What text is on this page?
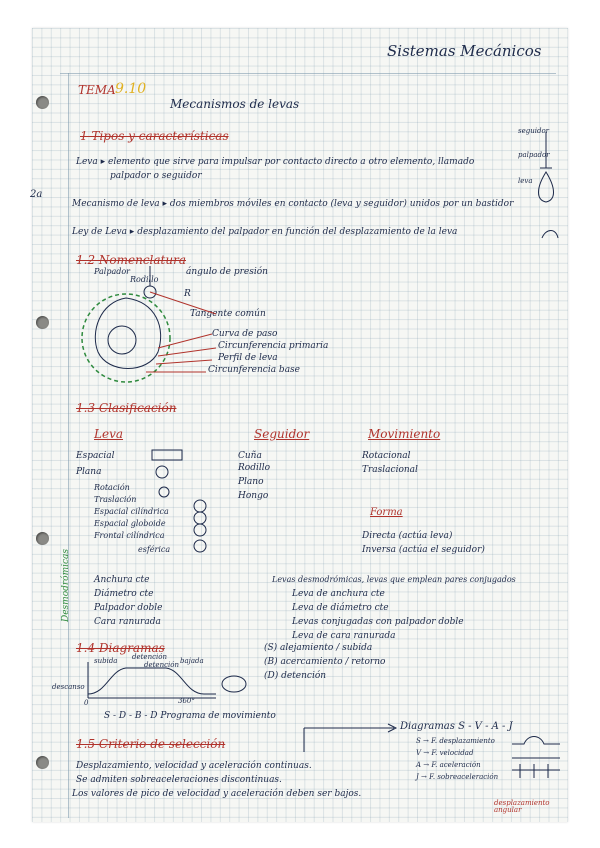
Sistemas Mecánicos
2a
TEMA 9.10
Mecanismos de levas
1 Tipos y características
Leva ▸ elemento que sirve para impulsar por contacto directo a otro elemento, llamado
palpador o seguidor
Mecanismo de leva ▸ dos miembros móviles en contacto (leva y seguidor) unidos por un bastidor
Ley de Leva ▸ desplazamiento del palpador en función del desplazamiento de la leva
seguidor
palpador
leva
1.2 Nomenclatura
Palpador
Rodillo
ángulo de presión
R
Tangente común
Curva de paso
Circunferencia primaria
Perfil de leva
Circunferencia base
1.3 Clasificación
Leva
Espacial
Plana
Rotación
Traslación
Espacial cilíndrica
Espacial globoide
Frontal cilíndrica
esférica
Seguidor
Cuña
Rodillo
Plano
Hongo
Movimiento
Rotacional
Traslacional
Forma
Directa (actúa leva)
Inversa (actúa el seguidor)
Desmodrómicas	Anchura cte
Diámetro cte
Palpador doble
Cara ranurada
Levas desmodrómicas, levas que emplean pares conjugados
Leva de anchura cte
Leva de diámetro cte
Levas conjugadas con palpador doble
Leva de cara ranurada
1.4 Diagramas
subida detención bajada
detención
descanso
0	360°
(S) alejamiento / subida
(B) acercamiento / retorno
(D) detención
S - D - B - D Programa de movimiento
1.5 Criterio de selección
Desplazamiento, velocidad y aceleración continuas.
Se admiten sobreaceleraciones discontinuas.
Los valores de pico de velocidad y aceleración deben ser bajos.
Diagramas S - V - A - J
S → F. desplazamiento
V → F. velocidad
A → F. aceleración
J → F. sobreaceleración
desplazamiento angular
